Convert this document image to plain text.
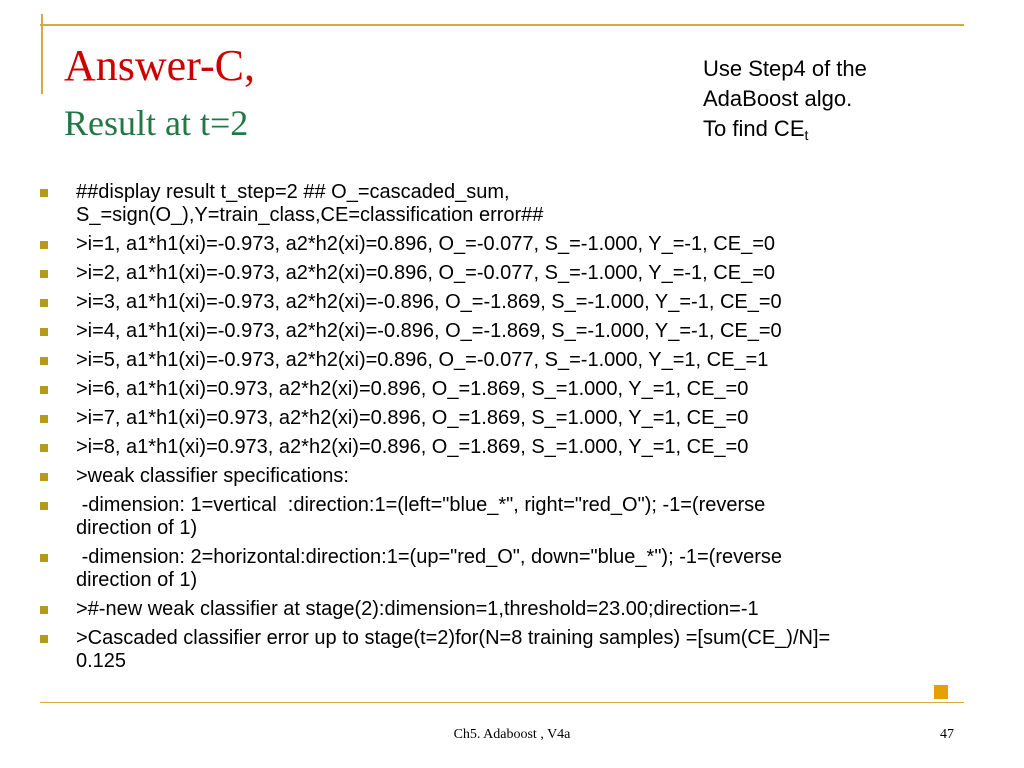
Answer-C,
Result at t=2
Use Step4 of the
AdaBoost algo.
To find $CE_t$
##display result t_step=2 ## O_=cascaded_sum,
S_=sign(O_),Y=train_class,CE=classification error##
>i=1, a1*h1(xi)=-0.973, a2*h2(xi)=0.896, O_=-0.077, S_=-1.000, Y_=-1, CE_=0
>i=2, a1*h1(xi)=-0.973, a2*h2(xi)=0.896, O_=-0.077, S_=-1.000, Y_=-1, CE_=0
>i=3, a1*h1(xi)=-0.973, a2*h2(xi)=-0.896, O_=-1.869, S_=-1.000, Y_=-1, CE_=0
>i=4, a1*h1(xi)=-0.973, a2*h2(xi)=-0.896, O_=-1.869, S_=-1.000, Y_=-1, CE_=0
>i=5, a1*h1(xi)=-0.973, a2*h2(xi)=0.896, O_=-0.077, S_=-1.000, Y_=1, CE_=1
>i=6, a1*h1(xi)=0.973, a2*h2(xi)=0.896, O_=1.869, S_=1.000, Y_=1, CE_=0
>i=7, a1*h1(xi)=0.973, a2*h2(xi)=0.896, O_=1.869, S_=1.000, Y_=1, CE_=0
>i=8, a1*h1(xi)=0.973, a2*h2(xi)=0.896, O_=1.869, S_=1.000, Y_=1, CE_=0
>weak classifier specifications:
-dimension: 1=vertical  :direction:1=(left="blue_*", right="red_O"); -1=(reverse
direction of 1)
-dimension: 2=horizontal:direction:1=(up="red_O", down="blue_*"); -1=(reverse
direction of 1)
>#-new weak classifier at stage(2):dimension=1,threshold=23.00;direction=-1
>Cascaded classifier error up to stage(t=2)for(N=8 training samples) =[sum(CE_)/N]=
0.125
Ch5. Adaboost , V4a	47
